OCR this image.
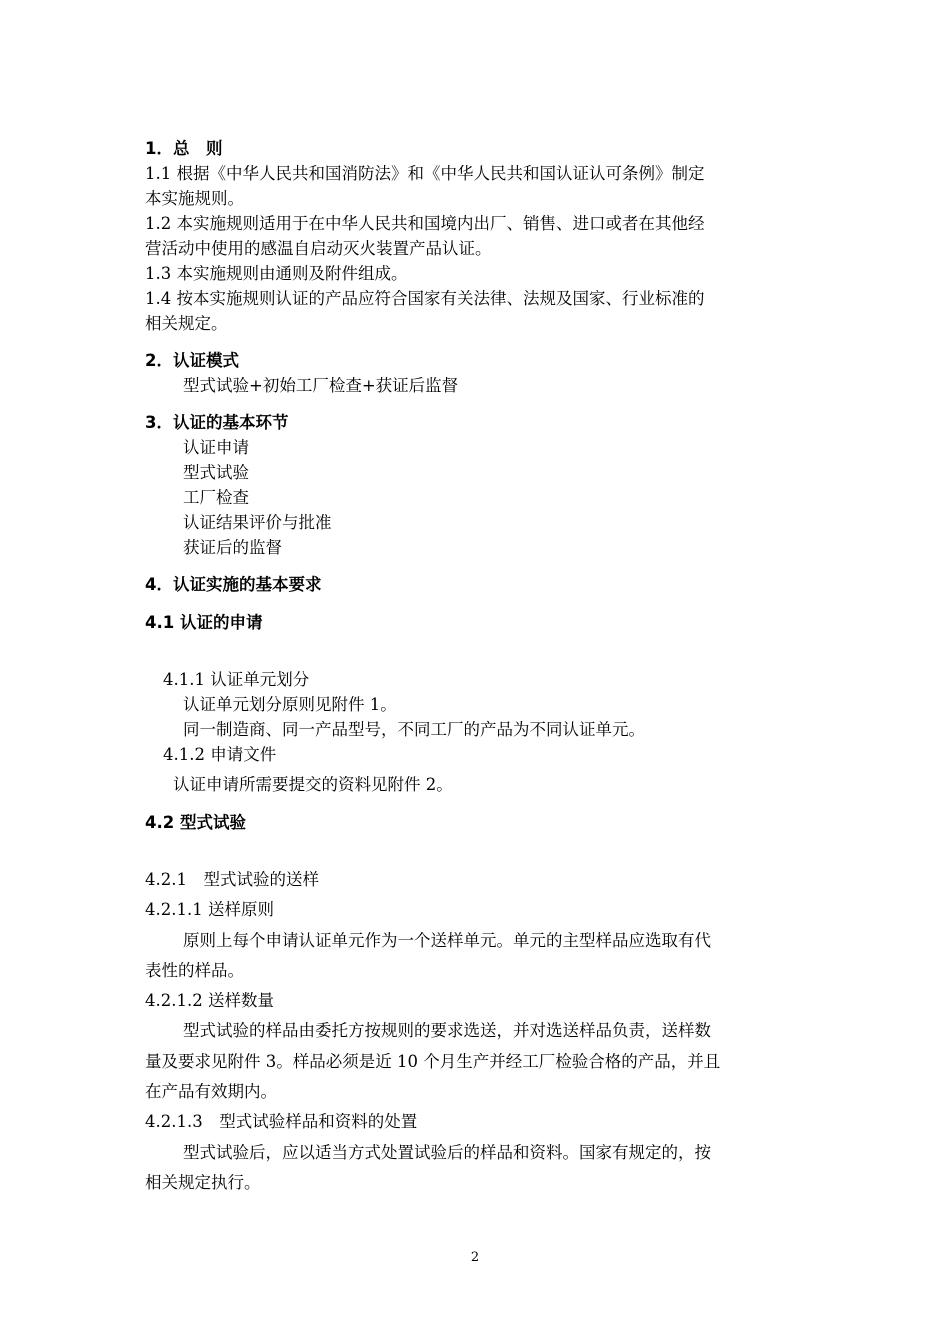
1．总　则
1.1 根据《中华人民共和国消防法》和《中华人民共和国认证认可条例》制定
本实施规则。
1.2 本实施规则适用于在中华人民共和国境内出厂、销售、进口或者在其他经
营活动中使用的感温自启动灭火装置产品认证。
1.3 本实施规则由通则及附件组成。
1.4 按本实施规则认证的产品应符合国家有关法律、法规及国家、行业标准的
相关规定。
2．认证模式
型式试验+初始工厂检查+获证后监督
3．认证的基本环节
认证申请
型式试验
工厂检查
认证结果评价与批准
获证后的监督
4．认证实施的基本要求
4.1 认证的申请
4.1.1 认证单元划分
认证单元划分原则见附件 1。
同一制造商、同一产品型号，不同工厂的产品为不同认证单元。
4.1.2 申请文件
认证申请所需要提交的资料见附件 2。
4.2 型式试验
4.2.1　型式试验的送样
4.2.1.1 送样原则
原则上每个申请认证单元作为一个送样单元。单元的主型样品应选取有代
表性的样品。
4.2.1.2 送样数量
型式试验的样品由委托方按规则的要求选送，并对选送样品负责，送样数
量及要求见附件 3。样品必须是近 10 个月生产并经工厂检验合格的产品，并且
在产品有效期内。
4.2.1.3　型式试验样品和资料的处置
型式试验后，应以适当方式处置试验后的样品和资料。国家有规定的，按
相关规定执行。
2
